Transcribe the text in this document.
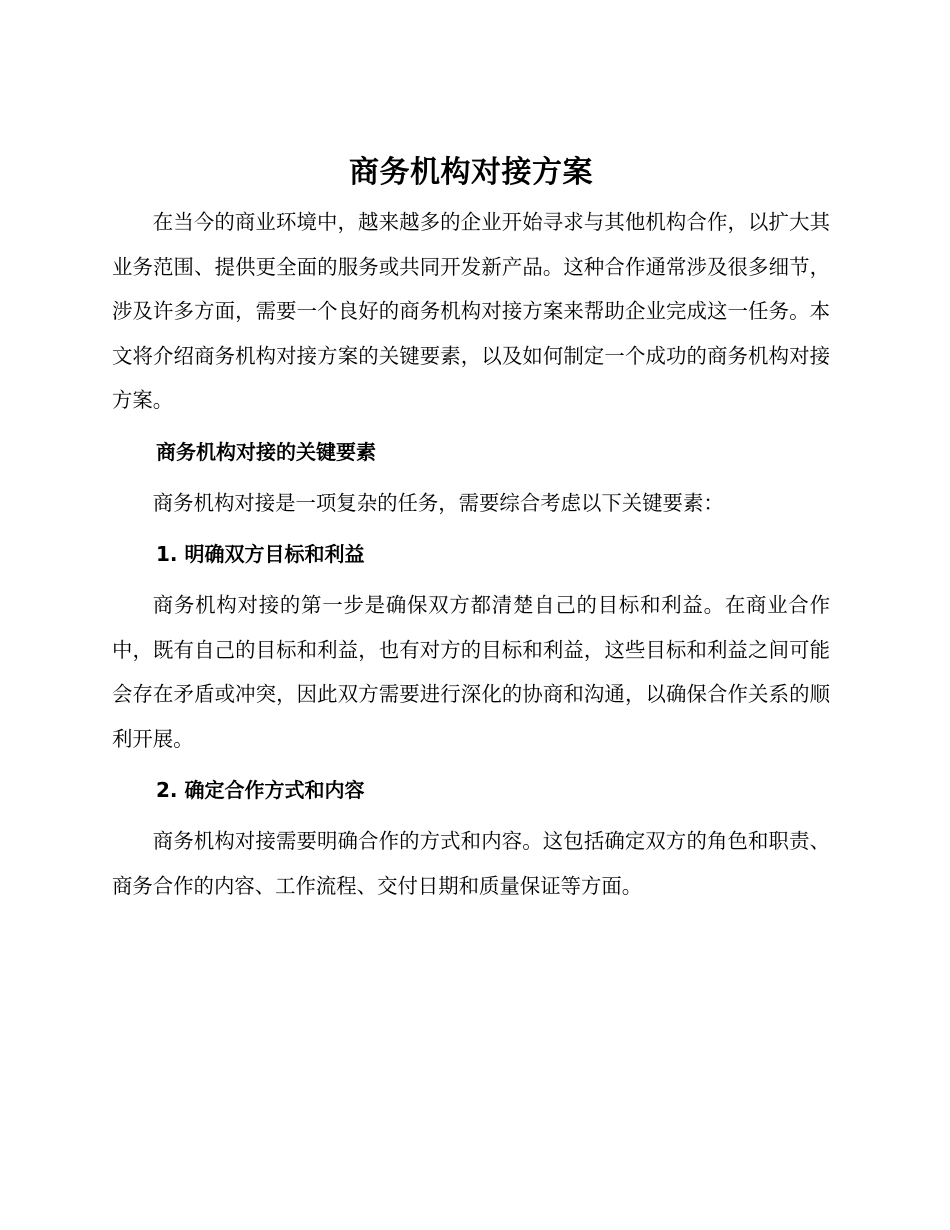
商务机构对接方案

在当今的商业环境中，越来越多的企业开始寻求与其他机构合作，以扩大其业务范围、提供更全面的服务或共同开发新产品。这种合作通常涉及很多细节，涉及许多方面，需要一个良好的商务机构对接方案来帮助企业完成这一任务。本文将介绍商务机构对接方案的关键要素，以及如何制定一个成功的商务机构对接方案。

商务机构对接的关键要素

商务机构对接是一项复杂的任务，需要综合考虑以下关键要素：

1. 明确双方目标和利益

商务机构对接的第一步是确保双方都清楚自己的目标和利益。在商业合作中，既有自己的目标和利益，也有对方的目标和利益，这些目标和利益之间可能会存在矛盾或冲突，因此双方需要进行深化的协商和沟通，以确保合作关系的顺利开展。

2. 确定合作方式和内容

商务机构对接需要明确合作的方式和内容。这包括确定双方的角色和职责、商务合作的内容、工作流程、交付日期和质量保证等方面。
